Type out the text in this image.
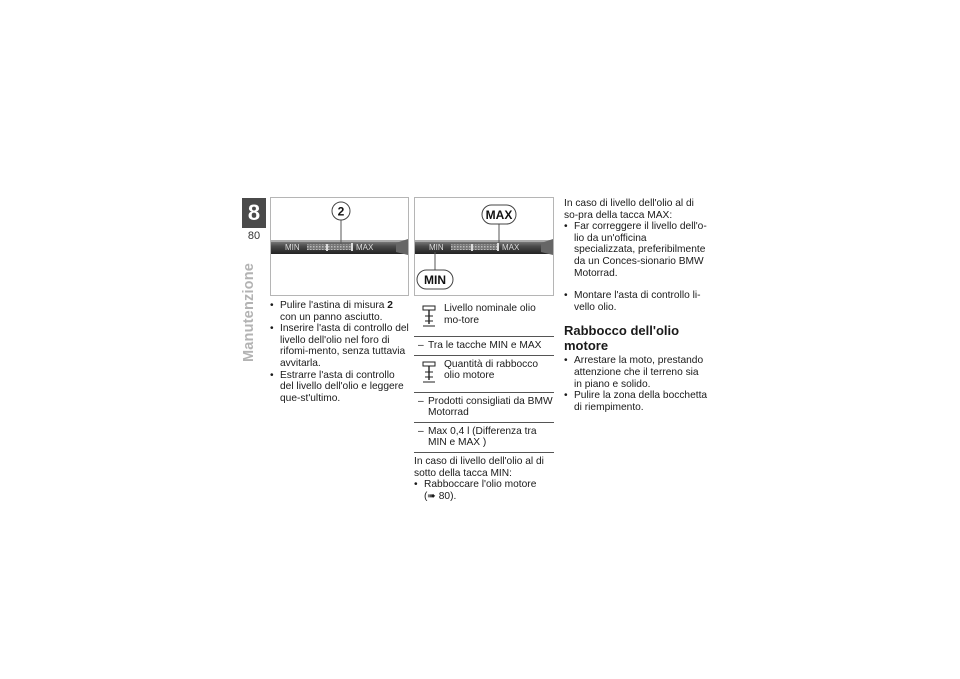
8
80
Manutenzione
MIN	MAX
2
MIN	MAX
MAX
MIN
• Pulire l'astina di misura 2 con un panno asciutto.
• Inserire l'asta di controllo del livello dell'olio nel foro di rifomi-mento, senza tuttavia avvitarla.
• Estrarre l'asta di controllo del livello dell'olio e leggere que-st'ultimo.
Livello nominale olio mo-tore
– Tra le tacche MIN e MAX
Quantità di rabbocco olio motore
– Prodotti consigliati da BMW Motorrad
– Max 0,4 l (Differenza tra MIN e MAX )

In caso di livello dell'olio al di sotto della tacca MIN:

• Rabboccare l'olio motore
(➠ 80).

In caso di livello dell'olio al di so-pra della tacca MAX:

• Far correggere il livello dell'o-lio da un'officina specializzata, preferibilmente da un Conces-sionario BMW Motorrad.
• Montare l'asta di controllo li-vello olio.
Rabbocco dell'olio motore
• Arrestare la moto, prestando attenzione che il terreno sia in piano e solido.
• Pulire la zona della bocchetta di riempimento.
